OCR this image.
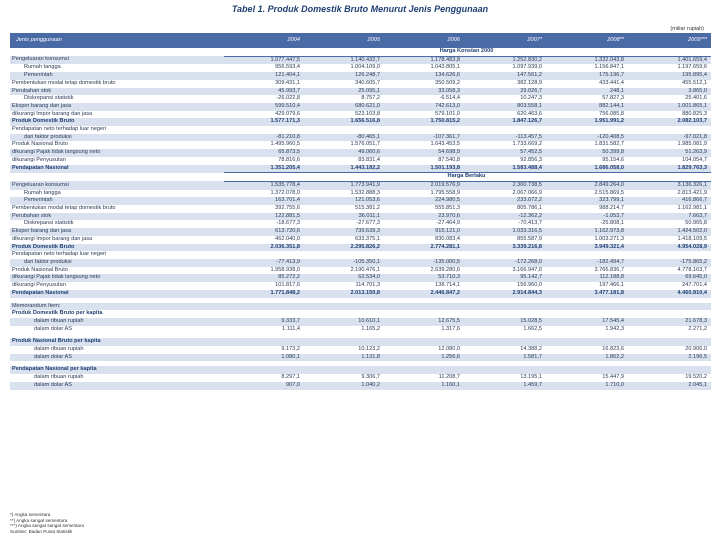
Tabel 1. Produk Domestik Bruto Menurut Jenis Penggunaan
(miliar rupiah)
Jenis penggunaan	2004	2005	2006	2007*	2008**	2009***
	Harga Konstan 2000					
Pengeluaran konsumsi	1.077.447,5	1.140.432,7	1.178.483,8	1.252.830,2	1.332.043,8	1.401.659,4
Rumah tangga	956.593,4	1.004.109,0	1.043.805,1	1.097.939,0	1.156.847,1	1.197.659,6
Pemerintah	121.404,1	126.248,7	134.626,6	147.561,2	175.196,7	195.895,4
Pembentukan modal tetap domestik bruto	309.431,1	340.605,7	350.509,2	382.128,9	433.441,4	455.512,1
Perubahan stok	45.993,7	25.095,1	33.058,3	29.026,7	248,1	3.865,0
Diskrepansi statistik	-26.022,8	8.757,2	-6.514,4	10.247,3	57.827,3	25.401,6
Ekspor barang dan jasa	599.510,4	680.621,0	742.613,0	803.558,1	882.144,1	1.001.865,1
dikurangi Impor barang dan jasa	429.079,6	523.103,8	579.101,0	620.463,6	756.085,8	880.825,3
Produk Domestik Bruto	1.577.171,3	1.656.516,8	1.750.815,2	1.847.126,7	1.951.991,2	2.082.103,7
Pendapatan neto terhadap luar negeri						
dari faktor produksi	-81.210,8	-80.465,1	-107.361,7	-113.457,5	-120.408,5	-97.021,8
Produk Nasional Bruto	1.495.960,5	1.576.051,7	1.643.453,5	1.733.669,2	1.831.582,7	1.985.081,9
dikurangi Pajak tidak langsung neto	65.873,5	49.060,6	54.698,9	57.452,5	50.399,8	51.263,9
dikurangi Penyusutan	78.816,6	83.831,4	87.540,8	92.856,3	95.154,6	104.054,7
Pendapatan Nasional	1.351.205,4	1.443.182,2	1.501.193,8	1.583.488,4	1.686.058,0	1.829.763,3
	Harga Berlaku					
Pengeluaran konsumsi	1.535.778,4	1.773.941,9	2.019.576,9	2.300.738,5	2.849.264,0	3.136.326,1
Rumah tangga	1.372.078,0	1.532.888,3	1.795.558,9	2.067.066,9	2.515.869,5	2.813.421,9
Pemerintah	163.701,4	121.053,6	224.980,5	233.072,2	323.799,1	416.866,7
Pembentukan modal tetap domestik bruto	392.755,6	515.381,2	555.851,3	805.786,1	988.214,7	1.162.981,1
Perubahan stok	122.881,5	36.011,1	23.970,6	-12.362,2	-1.053,7	7.663,7
Diskrepansi statistik	-18.677,3	-27.677,3	-27.464,9	-70.413,7	-25.808,1	50.965,8
Ekspor barang dan jasa	613.720,6	739.639,3	915.121,0	1.033.316,5	1.162.973,8	1.424.502,0
dikurangi Impor barang dan jasa	462.040,0	633.375,1	830.083,4	855.587,9	1.003.271,3	1.418.109,5
Produk Domestik Bruto	2.036.351,8	2.295.826,2	2.774.281,1	3.339.216,8	3.949.321,4	4.954.028,9
Pendapatan neto terhadap luar negeri						
dari faktor produksi	-77.413,9	-105.350,1	-135.000,5	-172.268,0	-182.494,7	-175.865,2
Produk Nasional Bruto	1.958.938,0	2.190.476,1	2.639.280,6	3.166.947,0	3.766.836,7	4.778.163,7
dikurangi Pajak tidak langsung neto	85.272,2	62.534,0	53.710,3	95.142,7	112.188,8	69.645,0
dikurangi Penyusutan	101.817,6	114.701,3	138.714,1	156.960,0	197.466,1	247.701,4
Pendapatan Nasional	1.771.848,2	2.013.150,8	2.446.847,2	2.914.844,3	3.477.181,8	4.460.810,4

Memorandum Item:						
Produk Domestik Bruto per kapita						
dalam ribuan rupiah	9.333,7	10.610,1	12.675,5	15.028,5	17.545,4	21.678,3
dalam dolar AS	1.111,4	1.165,2	1.317,6	1.662,5	1.942,3	2.271,2

Produk Nasional Bruto per kapita						
dalam ribuan rupiah	9.173,2	10.123,2	12.080,0	14.388,2	16.823,6	20.906,0
dalam dolar AS	1.080,1	1.131,8	1.256,6	1.581,7	1.862,2	2.196,5

Pendapatan Nasional per kapita						
dalam ribuan rupiah	8.297,1	9.306,7	11.208,7	13.195,1	15.447,9	19.520,2
dalam dolar AS	907,0	1.040,2	1.160,1	1.459,7	1.710,0	2.045,1
*) Angka sementara
**) Angka sangat sementara
***) Angka sangat sangat sementara
Sumber: Badan Pusat Statistik
